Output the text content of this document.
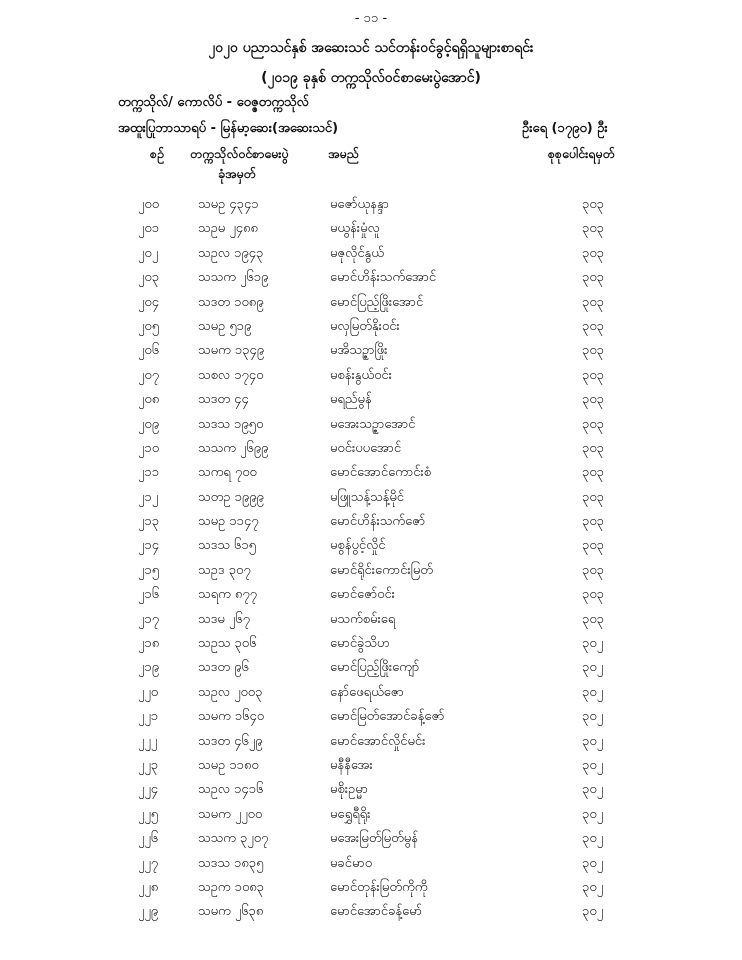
- ၁၁ -
၂၀၂၀ ပညာသင်နှစ် အဆေးသင် သင်တန်းဝင်ခွင့်ရရှိသူများစာရင်း
(၂၀၁၉ ခုနှစ် တက္ကသိုလ်ဝင်စာမေးပွဲအောင်)
တက္ကသိုလ်/ ကောလိပ် - ဝေဇ္ဇတက္ကသိုလ်
အထူးပြုဘာသာရပ် - မြန်မာ့ဆေး(အဆေးသင်)	ဦးရေ (၁၇၉၀) ဦး
စဉ် တက္ကသိုလ်ဝင်စာမေးပွဲ
ခုံအမှတ်
အမည်	စုစုပေါင်းရမှတ်
၂၀၀	သမဥ ၄၃၄၁	မဇော်ယုနန္ဒာ	၃၀၃
၂၀၁	သဥမ ၂၄၈၈	မယွန်းမှုံလူ	၃၀၃
၂၀၂	သဥလ ၁၉၄၃	မဇုလိုင်နွယ်	၃၀၃
၂၀၃	သသက ၂၆၁၉	မောင်ဟိန်းသက်အောင်	၃၀၃
၂၀၄	သဒတ ၁၀၈၉	မောင်ပြည့်ဖြိုးအောင်	၃၀၃
၂၀၅	သမဥ ၅၁၉	မလှမြတ်နိုးဝင်း	၃၀၃
၂၀၆	သမက ၁၃၄၉	မအိသဥ္ဇာဖြိုး	၃၀၃
၂၀၇	သစလ ၁၇၄၀	မစန်းနွယ်ဝင်း	၃၀၃
၂၀၈	သဒတ ၄၄	မရည်မွန်	၃၀၃
၂၀၉	သဒသ ၁၉၅၀	မအေးသဉ္ဇာအောင်	၃၀၃
၂၁၀	သသက ၂၆၉၉	မဝင်းပပအောင်	၃၀၃
၂၁၁	သကရ ၇၀၀	မောင်အောင်ကောင်းစံ	၃၀၃
၂၁၂	သတဥ ၁၉၉၉	မဖြူသန့်သန့်မိုင်	၃၀၃
၂၁၃	သမဥ ၁၁၄၇	မောင်ဟိန်းသက်ဇော်	၃၀၃
၂၁၄	သဒသ ၆၁၅	မစွန်ပွင့်လှိုင်	၃၀၃
၂၁၅	သဥဒ ၃၀၇	မောင်ရိုင်းကောင်းမြတ်	၃၀၃
၂၁၆	သရက ၈၇၇	မောင်ဇော်ဝင်း	၃၀၃
၂၁၇	သဒမ ၂၆၇	မသက်စမ်းရေ	၃၀၃
၂၁၈	သဥသ ၃၀၆	မောင်ခွဲသိဟ	၃၀၂
၂၁၉	သဒတ ၉၆	မောင်ပြည့်ဖြိုးကျော်	၃၀၂
၂၂၀	သဥလ ၂၀၀၃	နော်ဖေရယ်ဇော	၃၀၂
၂၂၁	သမက ၁၆၄၀	မောင်မြတ်အောင်ခန့်ဇော်	၃၀၂
၂၂၂	သဒတ ၄၆၂၉	မောင်အောင်လှိုင်မင်း	၃၀၂
၂၂၃	သမဥ ၁၁၈၀	မနီနီအေး	၃၀၂
၂၂၄	သဥလ ၁၄၁၆	မစိုးဥမ္မာ	၃၀၂
၂၂၅	သမက ၂၂၀၀	မရွှေရီရိုး	၃၀၂
၂၂၆	သသက ၃၂၀၇	မအေးမြတ်မြတ်မွန်	၃၀၂
၂၂၇	သဒသ ၁၈၃၅	မခင်မာဝ	၃၀၂
၂၂၈	သဥက ၁၀၈၃	မောင်တုန်းမြတ်ကိုကို	၃၀၂
၂၂၉	သမက ၂၆၃၈	မောင်အောင်ခန့်မော်	၃၀၂
